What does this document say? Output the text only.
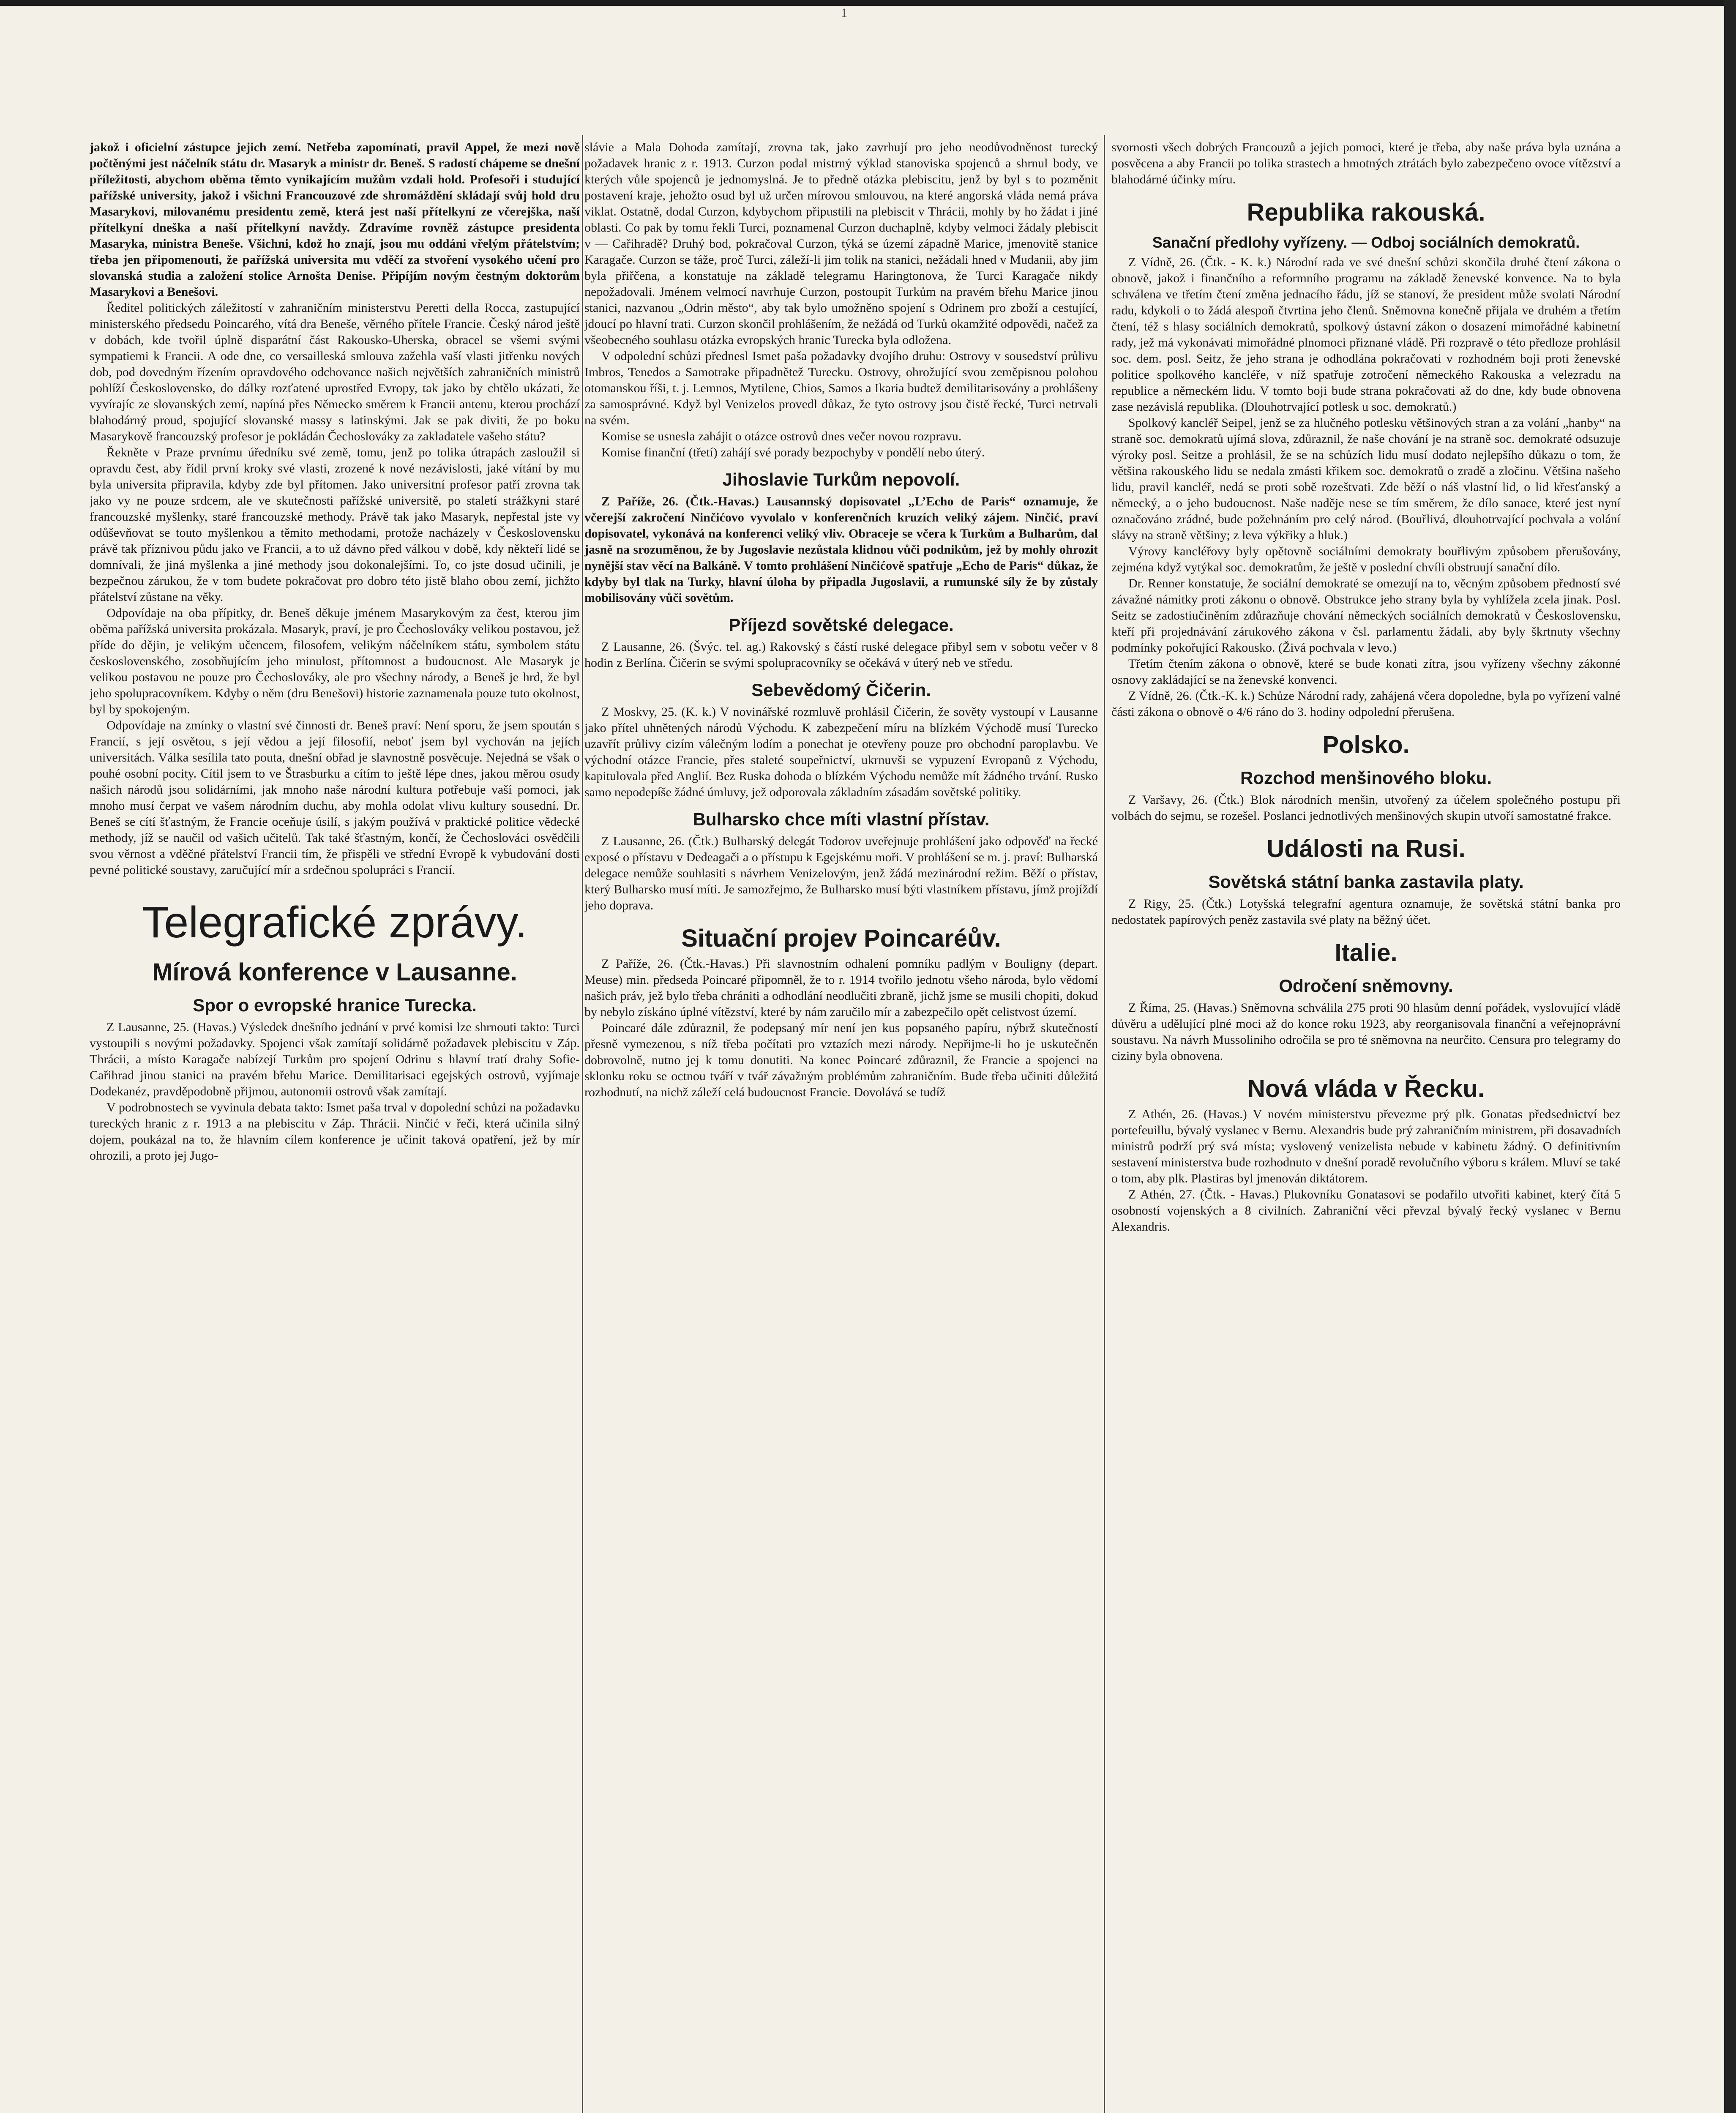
1

jakož i oficielní zástupce jejich zemí. Netřeba zapomínati, pravil Appel, že mezi nově počtěnými jest náčelník státu dr. Masaryk a ministr dr. Beneš. S radostí chápeme se dnešní příležitosti, abychom oběma těmto vynikajícím mužům vzdali hold. Profesoři i studující pařížské university, jakož i všichni Francouzové zde shromáždění skládají svůj hold dru Masarykovi, milovanému presidentu země, která jest naší přítelkyní ze včerejška, naší přítelkyní dneška a naší přítelkyní navždy. Zdravíme rovněž zástupce presidenta Masaryka, ministra Beneše. Všichni, kdož ho znají, jsou mu oddáni vřelým přátelstvím; třeba jen připomenouti, že pařížská universita mu vděčí za stvoření vysokého učení pro slovanská studia a založení stolice Arnošta Denise. Připíjím novým čestným doktorům Masarykovi a Benešovi.

Ředitel politických záležitostí v zahraničním ministerstvu Peretti della Rocca, zastupující ministerského předsedu Poincarého, vítá dra Beneše, věrného přítele Francie. Český národ ještě v dobách, kde tvořil úplně disparátní část Rakousko-Uherska, obracel se všemi svými sympatiemi k Francii. A ode dne, co versailleská smlouva zažehla vaší vlasti jitřenku nových dob, pod dovedným řízením opravdového odchovance našich největších zahraničních ministrů pohlíží Československo, do dálky rozťatené uprostřed Evropy, tak jako by chtělo ukázati, že vyvírajíc ze slovanských zemí, napíná přes Německo směrem k Francii antenu, kterou prochází blahodárný proud, spojující slovanské massy s latinskými. Jak se pak diviti, že po boku Masarykově francouzský profesor je pokládán Čechoslováky za zakladatele vašeho státu?

Řekněte v Praze prvnímu úředníku své země, tomu, jenž po tolika útrapách zasloužil si opravdu čest, aby řídil první kroky své vlasti, zrozené k nové nezávislosti, jaké vítání by mu byla universita připravila, kdyby zde byl přítomen. Jako universitní profesor patří zrovna tak jako vy ne pouze srdcem, ale ve skutečnosti pařížské universitě, po staletí strážkyni staré francouzské myšlenky, staré francouzské methody. Právě tak jako Masaryk, nepřestal jste vy odůševňovat se touto myšlenkou a těmito methodami, protože nacházely v Československu právě tak příznivou půdu jako ve Francii, a to už dávno před válkou v době, kdy někteří lidé se domnívali, že jiná myšlenka a jiné methody jsou dokonalejšími. To, co jste dosud učinili, je bezpečnou zárukou, že v tom budete pokračovat pro dobro této jistě blaho obou zemí, jichžto přátelství zůstane na věky.

Odpovídaje na oba přípitky, dr. Beneš děkuje jménem Masarykovým za čest, kterou jim oběma pařížská universita prokázala. Masaryk, praví, je pro Čechoslováky velikou postavou, jež příde do dějin, je velikým učencem, filosofem, velikým náčelníkem státu, symbolem státu československého, zosobňujícím jeho minulost, přítomnost a budoucnost. Ale Masaryk je velikou postavou ne pouze pro Čechoslováky, ale pro všechny národy, a Beneš je hrd, že byl jeho spolupracovníkem. Kdyby o něm (dru Benešovi) historie zaznamenala pouze tuto okolnost, byl by spokojeným.

Odpovídaje na zmínky o vlastní své činnosti dr. Beneš praví: Není sporu, že jsem spoután s Francií, s její osvětou, s její vědou a její filosofií, neboť jsem byl vychován na jejích universitách. Válka sesílila tato pouta, dnešní obřad je slavnostně posvěcuje. Nejedná se však o pouhé osobní pocity. Cítil jsem to ve Štrasburku a cítím to ještě lépe dnes, jakou měrou osudy našich národů jsou solidárními, jak mnoho naše národní kultura potřebuje vaší pomoci, jak mnoho musí čerpat ve vašem národním duchu, aby mohla odolat vlivu kultury sousední. Dr. Beneš se cítí šťastným, že Francie oceňuje úsilí, s jakým používá v praktické politice vědecké methody, jíž se naučil od vašich učitelů. Tak také šťastným, končí, že Čechoslováci osvědčili svou věrnost a vděčné přátelství Francii tím, že přispěli ve střední Evropě k vybudování dosti pevné politické soustavy, zaručující mír a srdečnou spolupráci s Francií.

Telegrafické zprávy.
Mírová konference v Lausanne.
Spor o evropské hranice Turecka.

Z Lausanne, 25. (Havas.) Výsledek dnešního jednání v prvé komisi lze shrnouti takto: Turci vystoupili s novými požadavky. Spojenci však zamítají solidárně požadavek plebiscitu v Záp. Thrácii, a místo Karagače nabízejí Turkům pro spojení Odrinu s hlavní tratí drahy Sofie-Cařihrad jinou stanici na pravém břehu Marice. Demilitarisaci egejských ostrovů, vyjímaje Dodekanéz, pravděpodobně přijmou, autonomii ostrovů však zamítají.

V podrobnostech se vyvinula debata takto: Ismet paša trval v dopolední schůzi na požadavku tureckých hranic z r. 1913 a na plebiscitu v Záp. Thrácii. Ninčić v řeči, která učinila silný dojem, poukázal na to, že hlavním cílem konference je učinit taková opatření, jež by mír ohrozili, a proto jej Jugo-

slávie a Mala Dohoda zamítají, zrovna tak, jako zavrhují pro jeho neodůvodněnost turecký požadavek hranic z r. 1913. Curzon podal mistrný výklad stanoviska spojenců a shrnul body, ve kterých vůle spojenců je jednomyslná. Je to předně otázka plebiscitu, jenž by byl s to pozměnit postavení kraje, jehožto osud byl už určen mírovou smlouvou, na které angorská vláda nemá práva viklat. Ostatně, dodal Curzon, kdybychom připustili na plebiscit v Thrácii, mohly by ho žádat i jiné oblasti. Co pak by tomu řekli Turci, poznamenal Curzon duchaplně, kdyby velmoci žádaly plebiscit v — Cařihradě? Druhý bod, pokračoval Curzon, týká se území západně Marice, jmenovitě stanice Karagače. Curzon se táže, proč Turci, záleží-li jim tolik na stanici, nežádali hned v Mudanii, aby jim byla přiřčena, a konstatuje na základě telegramu Haringtonova, že Turci Karagače nikdy nepožadovali. Jménem velmocí navrhuje Curzon, postoupit Turkům na pravém břehu Marice jinou stanici, nazvanou „Odrin město“, aby tak bylo umožněno spojení s Odrinem pro zboží a cestující, jdoucí po hlavní trati. Curzon skončil prohlášením, že nežádá od Turků okamžité odpovědi, načež za všeobecného souhlasu otázka evropských hranic Turecka byla odložena.

V odpolední schůzi přednesl Ismet paša požadavky dvojího druhu: Ostrovy v sousedství průlivu Imbros, Tenedos a Samotrake připadnětež Turecku. Ostrovy, ohrožující svou zeměpisnou polohou otomanskou říši, t. j. Lemnos, Mytilene, Chios, Samos a Ikaria budtež demilitarisovány a prohlášeny za samosprávné. Když byl Venizelos provedl důkaz, že tyto ostrovy jsou čistě řecké, Turci netrvali na svém.

Komise se usnesla zahájit o otázce ostrovů dnes večer novou rozpravu.

Komise finanční (třetí) zahájí své porady bezpochyby v pondělí nebo úterý.

Jihoslavie Turkům nepovolí.

Z Paříže, 26. (Čtk.-Havas.) Lausannský dopisovatel „L’Echo de Paris“ oznamuje, že včerejší zakročení Ninčićovo vyvolalo v konferenčních kruzích veliký zájem. Ninčić, praví dopisovatel, vykonává na konferenci veliký vliv. Obraceje se včera k Turkům a Bulharům, dal jasně na srozuměnou, že by Jugoslavie nezůstala klidnou vůči podnikům, jež by mohly ohrozit nynější stav věcí na Balkáně. V tomto prohlášení Ninčićově spatřuje „Echo de Paris“ důkaz, že kdyby byl tlak na Turky, hlavní úloha by připadla Jugoslavii, a rumunské síly že by zůstaly mobilisovány vůči sovětům.

Příjezd sovětské delegace.

Z Lausanne, 26. (Švýc. tel. ag.) Rakovský s částí ruské delegace přibyl sem v sobotu večer v 8 hodin z Berlína. Čičerin se svými spolupracovníky se očekává v úterý neb ve středu.

Sebevědomý Čičerin.

Z Moskvy, 25. (K. k.) V novinářské rozmluvě prohlásil Čičerin, že sověty vystoupí v Lausanne jako přítel uhnětených národů Východu. K zabezpečení míru na blízkém Východě musí Turecko uzavřít průlivy cizím válečným lodím a ponechat je otevřeny pouze pro obchodní paroplavbu. Ve východní otázce Francie, přes staleté soupeřnictví, ukrnuvši se vypuzení Evropanů z Východu, kapitulovala před Anglií. Bez Ruska dohoda o blízkém Východu nemůže mít žádného trvání. Rusko samo nepodepíše žádné úmluvy, jež odporovala základním zásadám sovětské politiky.

Bulharsko chce míti vlastní přístav.

Z Lausanne, 26. (Čtk.) Bulharský delegát Todorov uveřejnuje prohlášení jako odpověď na řecké exposé o přístavu v Dedeagači a o přístupu k Egejskému moři. V prohlášení se m. j. praví: Bulharská delegace nemůže souhlasiti s návrhem Venizelovým, jenž žádá mezinárodní režim. Běží o přístav, který Bulharsko musí míti. Je samozřejmo, že Bulharsko musí býti vlastníkem přístavu, jímž projíždí jeho doprava.

Situační projev Poincaréův.

Z Paříže, 26. (Čtk.-Havas.) Při slavnostním odhalení pomníku padlým v Bouligny (depart. Meuse) min. předseda Poincaré připomněl, že to r. 1914 tvořilo jednotu všeho národa, bylo vědomí našich práv, jež bylo třeba chrániti a odhodlání neodlučiti zbraně, jichž jsme se musili chopiti, dokud by nebylo získáno úplné vítězství, které by nám zaručilo mír a zabezpečilo opět celistvost území.

Poincaré dále zdůraznil, že podepsaný mír není jen kus popsaného papíru, nýbrž skutečností přesně vymezenou, s níž třeba počítati pro vztazích mezi národy. Nepřijme-li ho je uskutečněn dobrovolně, nutno jej k tomu donutiti. Na konec Poincaré zdůraznil, že Francie a spojenci na sklonku roku se octnou tváří v tvář závažným problémům zahraničním. Bude třeba učiniti důležitá rozhodnutí, na nichž záleží celá budoucnost Francie. Dovolává se tudíž

svornosti všech dobrých Francouzů a jejich pomoci, které je třeba, aby naše práva byla uznána a posvěcena a aby Francii po tolika strastech a hmotných ztrátách bylo zabezpečeno ovoce vítězství a blahodárné účinky míru.

Republika rakouská.
Sanační předlohy vyřízeny. — Odboj sociálních demokratů.

Z Vídně, 26. (Čtk. - K. k.) Národní rada ve své dnešní schůzi skončila druhé čtení zákona o obnově, jakož i finančního a reformního programu na základě ženevské konvence. Na to byla schválena ve třetím čtení změna jednacího řádu, jíž se stanoví, že president může svolati Národní radu, kdykoli o to žádá alespoň čtvrtina jeho členů. Sněmovna konečně přijala ve druhém a třetím čtení, též s hlasy sociálních demokratů, spolkový ústavní zákon o dosazení mimořádné kabinetní rady, jež má vykonávati mimořádné plnomoci přiznané vládě. Při rozpravě o této předloze prohlásil soc. dem. posl. Seitz, že jeho strana je odhodlána pokračovati v rozhodném boji proti ženevské politice spolkového kancléře, v níž spatřuje zotročení německého Rakouska a velezradu na republice a německém lidu. V tomto boji bude strana pokračovati až do dne, kdy bude obnovena zase nezávislá republika. (Dlouhotrvající potlesk u soc. demokratů.)

Spolkový kancléř Seipel, jenž se za hlučného potlesku většinových stran a za volání „hanby“ na straně soc. demokratů ujímá slova, zdůraznil, že naše chování je na straně soc. demokraté odsuzuje výroky posl. Seitze a prohlásil, že se na schůzích lidu musí dodato nejlepšího důkazu o tom, že většina rakouského lidu se nedala zmásti křikem soc. demokratů o zradě a zločinu. Většina našeho lidu, pravil kancléř, nedá se proti sobě rozeštvati. Zde běží o náš vlastní lid, o lid křesťanský a německý, a o jeho budoucnost. Naše naděje nese se tím směrem, že dílo sanace, které jest nyní označováno zrádné, bude požehnáním pro celý národ. (Bouřlivá, dlouhotrvající pochvala a volání slávy na straně většiny; z leva výkřiky a hluk.)

Výrovy kancléřovy byly opětovně sociálními demokraty bouřlivým způsobem přerušovány, zejména když vytýkal soc. demokratům, že ještě v poslední chvíli obstruují sanační dílo.

Dr. Renner konstatuje, že sociální demokraté se omezují na to, věcným způsobem předností své závažné námitky proti zákonu o obnově. Obstrukce jeho strany byla by vyhlížela zcela jinak. Posl. Seitz se zadostiučiněním zdůrazňuje chování německých sociálních demokratů v Československu, kteří při projednávání zárukového zákona v čsl. parlamentu žádali, aby byly škrtnuty všechny podmínky pokořující Rakousko. (Živá pochvala v levo.)

Třetím čtením zákona o obnově, které se bude konati zítra, jsou vyřízeny všechny zákonné osnovy zakládající se na ženevské konvenci.

Z Vídně, 26. (Čtk.-K. k.) Schůze Národní rady, zahájená včera dopoledne, byla po vyřízení valné části zákona o obnově o 4/6 ráno do 3. hodiny odpolední přerušena.

Polsko.
Rozchod menšinového bloku.

Z Varšavy, 26. (Čtk.) Blok národních menšin, utvořený za účelem společného postupu při volbách do sejmu, se rozešel. Poslanci jednotlivých menšinových skupin utvoří samostatné frakce.

Události na Rusi.
Sovětská státní banka zastavila platy.

Z Rigy, 25. (Čtk.) Lotyšská telegrafní agentura oznamuje, že sovětská státní banka pro nedostatek papírových peněz zastavila své platy na běžný účet.

Italie.
Odročení sněmovny.

Z Říma, 25. (Havas.) Sněmovna schválila 275 proti 90 hlasům denní pořádek, vyslovující vládě důvěru a udělující plné moci až do konce roku 1923, aby reorganisovala finanční a veřejnoprávní soustavu. Na návrh Mussoliniho odročila se pro té sněmovna na neurčito. Censura pro telegramy do ciziny byla obnovena.

Nová vláda v Řecku.

Z Athén, 26. (Havas.) V novém ministerstvu převezme prý plk. Gonatas předsednictví bez portefeuillu, bývalý vyslanec v Bernu. Alexandris bude prý zahraničním ministrem, při dosavadních ministrů podrží prý svá místa; vyslovený venizelista nebude v kabinetu žádný. O definitivním sestavení ministerstva bude rozhodnuto v dnešní poradě revolučního výboru s králem. Mluví se také o tom, aby plk. Plastiras byl jmenován diktátorem.

Z Athén, 27. (Čtk. - Havas.) Plukovníku Gonatasovi se podařilo utvořiti kabinet, který čítá 5 osobností vojenských a 8 civilních. Zahraniční věci převzal bývalý řecký vyslanec v Bernu Alexandris.
